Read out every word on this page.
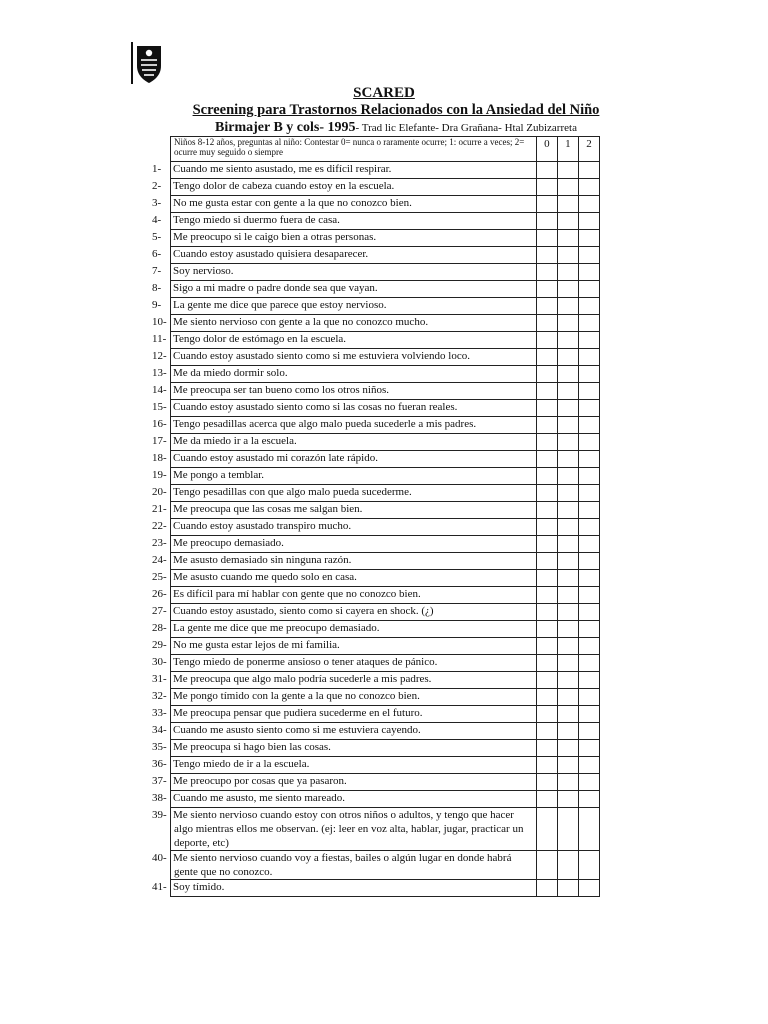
SCARED
Screening para Trastornos Relacionados con la Ansiedad del Niño
Birmajer B y cols- 1995- Trad lic Elefante- Dra Grañana- Htal Zubizarreta
Niños 8-12 años, preguntas al niño: Contestar 0= nunca o raramente ocurre; 1: ocurre a veces; 2= ocurre muy seguido o siempre	0	1	2
1- Cuando me siento asustado, me es difícil respirar.			
2- Tengo dolor de cabeza cuando estoy en la escuela.			
3- No me gusta estar con gente a la que no conozco bien.			
4- Tengo miedo si duermo fuera de casa.			
5- Me preocupo si le caigo bien a otras personas.			
6- Cuando estoy asustado quisiera desaparecer.			
7- Soy nervioso.			
8- Sigo a mi madre o padre donde sea que vayan.			
9- La gente me dice que parece que estoy nervioso.			
10- Me siento nervioso con gente a la que no conozco mucho.			
11- Tengo dolor de estómago en la escuela.			
12- Cuando estoy asustado siento como si me estuviera volviendo loco.			
13- Me da miedo dormir solo.			
14- Me preocupa ser tan bueno como los otros niños.			
15- Cuando estoy asustado siento como si las cosas no fueran reales.			
16- Tengo pesadillas acerca que algo malo pueda sucederle a mis padres.			
17- Me da miedo ir a la escuela.			
18- Cuando estoy asustado mi corazón late rápido.			
19- Me pongo a temblar.			
20- Tengo pesadillas con que algo malo pueda sucederme.			
21- Me preocupa que las cosas me salgan bien.			
22- Cuando estoy asustado transpiro mucho.			
23- Me preocupo demasiado.			
24- Me asusto demasiado sin ninguna razón.			
25- Me asusto cuando me quedo solo en casa.			
26- Es difícil para mí hablar con gente que no conozco bien.			
27- Cuando estoy asustado, siento como si cayera en shock. (¿)			
28- La gente me dice que me preocupo demasiado.			
29- No me gusta estar lejos de mi familia.			
30- Tengo miedo de ponerme ansioso o tener ataques de pánico.			
31- Me preocupa que algo malo podría sucederle a mis padres.			
32- Me pongo tímido con la gente a la que no conozco bien.			
33- Me preocupa pensar que pudiera sucederme en el futuro.			
34- Cuando me asusto siento como si me estuviera cayendo.			
35- Me preocupa si hago bien las cosas.			
36- Tengo miedo de ir a la escuela.			
37- Me preocupo por cosas que ya pasaron.			
38- Cuando me asusto, me siento mareado.			
39- Me siento nervioso cuando estoy con otros niños o adultos, y tengo que hacer algo mientras ellos me observan. (ej: leer en voz alta, hablar, jugar, practicar un deporte, etc)			
40- Me siento nervioso cuando voy a fiestas, bailes o algún lugar en donde habrá gente que no conozco.			
41- Soy tímido.			
